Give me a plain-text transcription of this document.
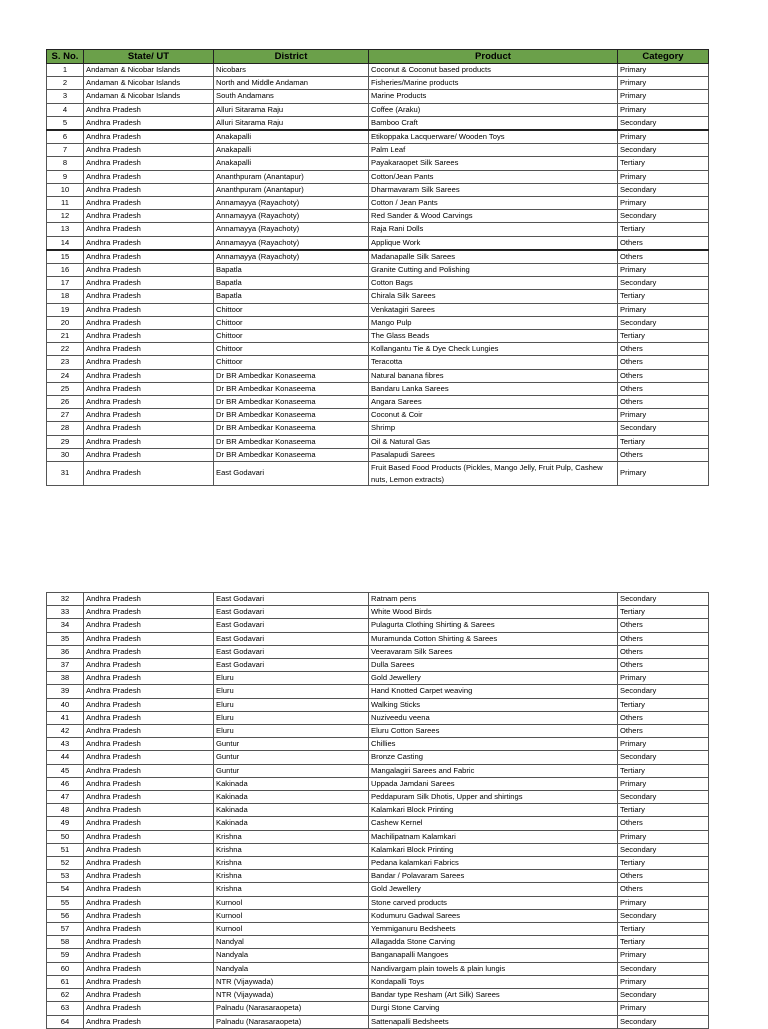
S. No.	State/ UT	District	Product	Category
1	Andaman & Nicobar Islands	Nicobars	Coconut & Coconut based products	Primary
2	Andaman & Nicobar Islands	North and Middle Andaman	Fisheries/Marine products	Primary
3	Andaman & Nicobar Islands	South Andamans	Marine Products	Primary
4	Andhra Pradesh	Alluri Sitarama Raju	Coffee (Araku)	Primary
5	Andhra Pradesh	Alluri Sitarama Raju	Bamboo Craft	Secondary
6	Andhra Pradesh	Anakapalli	Etikoppaka Lacquerware/ Wooden Toys	Primary
7	Andhra Pradesh	Anakapalli	Palm Leaf	Secondary
8	Andhra Pradesh	Anakapalli	Payakaraopet Silk Sarees	Tertiary
9	Andhra Pradesh	Ananthpuram (Anantapur)	Cotton/Jean Pants	Primary
10	Andhra Pradesh	Ananthpuram (Anantapur)	Dharmavaram Silk Sarees	Secondary
11	Andhra Pradesh	Annamayya (Rayachoty)	Cotton / Jean Pants	Primary
12	Andhra Pradesh	Annamayya (Rayachoty)	Red Sander & Wood Carvings	Secondary
13	Andhra Pradesh	Annamayya (Rayachoty)	Raja Rani Dolls	Tertiary
14	Andhra Pradesh	Annamayya (Rayachoty)	Applique Work	Others
15	Andhra Pradesh	Annamayya (Rayachoty)	Madanapalle Silk Sarees	Others
16	Andhra Pradesh	Bapatla	Granite Cutting and Polishing	Primary
17	Andhra Pradesh	Bapatla	Cotton Bags	Secondary
18	Andhra Pradesh	Bapatla	Chirala Silk Sarees	Tertiary
19	Andhra Pradesh	Chittoor	Venkatagiri Sarees	Primary
20	Andhra Pradesh	Chittoor	Mango Pulp	Secondary
21	Andhra Pradesh	Chittoor	The Glass Beads	Tertiary
22	Andhra Pradesh	Chittoor	Kollangantu Tie & Dye Check Lungies	Others
23	Andhra Pradesh	Chittoor	Teracotta	Others
24	Andhra Pradesh	Dr BR Ambedkar Konaseema	Natural banana fibres	Others
25	Andhra Pradesh	Dr BR Ambedkar Konaseema	Bandaru Lanka Sarees	Others
26	Andhra Pradesh	Dr BR Ambedkar Konaseema	Angara Sarees	Others
27	Andhra Pradesh	Dr BR Ambedkar Konaseema	Coconut & Coir	Primary
28	Andhra Pradesh	Dr BR Ambedkar Konaseema	Shrimp	Secondary
29	Andhra Pradesh	Dr BR Ambedkar Konaseema	Oil & Natural Gas	Tertiary
30	Andhra Pradesh	Dr BR Ambedkar Konaseema	Pasalapudi Sarees	Others
31	Andhra Pradesh	East Godavari	Fruit Based Food Products (Pickles, Mango Jelly, Fruit Pulp, Cashew nuts, Lemon extracts)	Primary
32	Andhra Pradesh	East Godavari	Ratnam pens	Secondary
33	Andhra Pradesh	East Godavari	White Wood Birds	Tertiary
34	Andhra Pradesh	East Godavari	Pulagurta Clothing Shirting & Sarees	Others
35	Andhra Pradesh	East Godavari	Muramunda Cotton Shirting & Sarees	Others
36	Andhra Pradesh	East Godavari	Veeravaram Silk Sarees	Others
37	Andhra Pradesh	East Godavari	Dulla Sarees	Others
38	Andhra Pradesh	Eluru	Gold Jewellery	Primary
39	Andhra Pradesh	Eluru	Hand Knotted Carpet weaving	Secondary
40	Andhra Pradesh	Eluru	Walking Sticks	Tertiary
41	Andhra Pradesh	Eluru	Nuziveedu veena	Others
42	Andhra Pradesh	Eluru	Eluru Cotton Sarees	Others
43	Andhra Pradesh	Guntur	Chillies	Primary
44	Andhra Pradesh	Guntur	Bronze Casting	Secondary
45	Andhra Pradesh	Guntur	Mangalagiri Sarees and Fabric	Tertiary
46	Andhra Pradesh	Kakinada	Uppada Jamdani Sarees	Primary
47	Andhra Pradesh	Kakinada	Peddapuram Silk Dhotis, Upper and shirtings	Secondary
48	Andhra Pradesh	Kakinada	Kalamkari Block Printing	Tertiary
49	Andhra Pradesh	Kakinada	Cashew Kernel	Others
50	Andhra Pradesh	Krishna	Machilipatnam Kalamkari	Primary
51	Andhra Pradesh	Krishna	Kalamkari Block Printing	Secondary
52	Andhra Pradesh	Krishna	Pedana kalamkari Fabrics	Tertiary
53	Andhra Pradesh	Krishna	Bandar / Polavaram Sarees	Others
54	Andhra Pradesh	Krishna	Gold Jewellery	Others
55	Andhra Pradesh	Kurnool	Stone carved products	Primary
56	Andhra Pradesh	Kurnool	Kodumuru Gadwal Sarees	Secondary
57	Andhra Pradesh	Kurnool	Yemmiganuru Bedsheets	Tertiary
58	Andhra Pradesh	Nandyal	Allagadda Stone Carving	Tertiary
59	Andhra Pradesh	Nandyala	Banganapalli Mangoes	Primary
60	Andhra Pradesh	Nandyala	Nandivargam plain towels & plain lungis	Secondary
61	Andhra Pradesh	NTR (Vijaywada)	Kondapalli Toys	Primary
62	Andhra Pradesh	NTR (Vijaywada)	Bandar type Resham (Art Silk) Sarees	Secondary
63	Andhra Pradesh	Palnadu (Narasaraopeta)	Durgi Stone Carving	Primary
64	Andhra Pradesh	Palnadu (Narasaraopeta)	Sattenapalli Bedsheets	Secondary
